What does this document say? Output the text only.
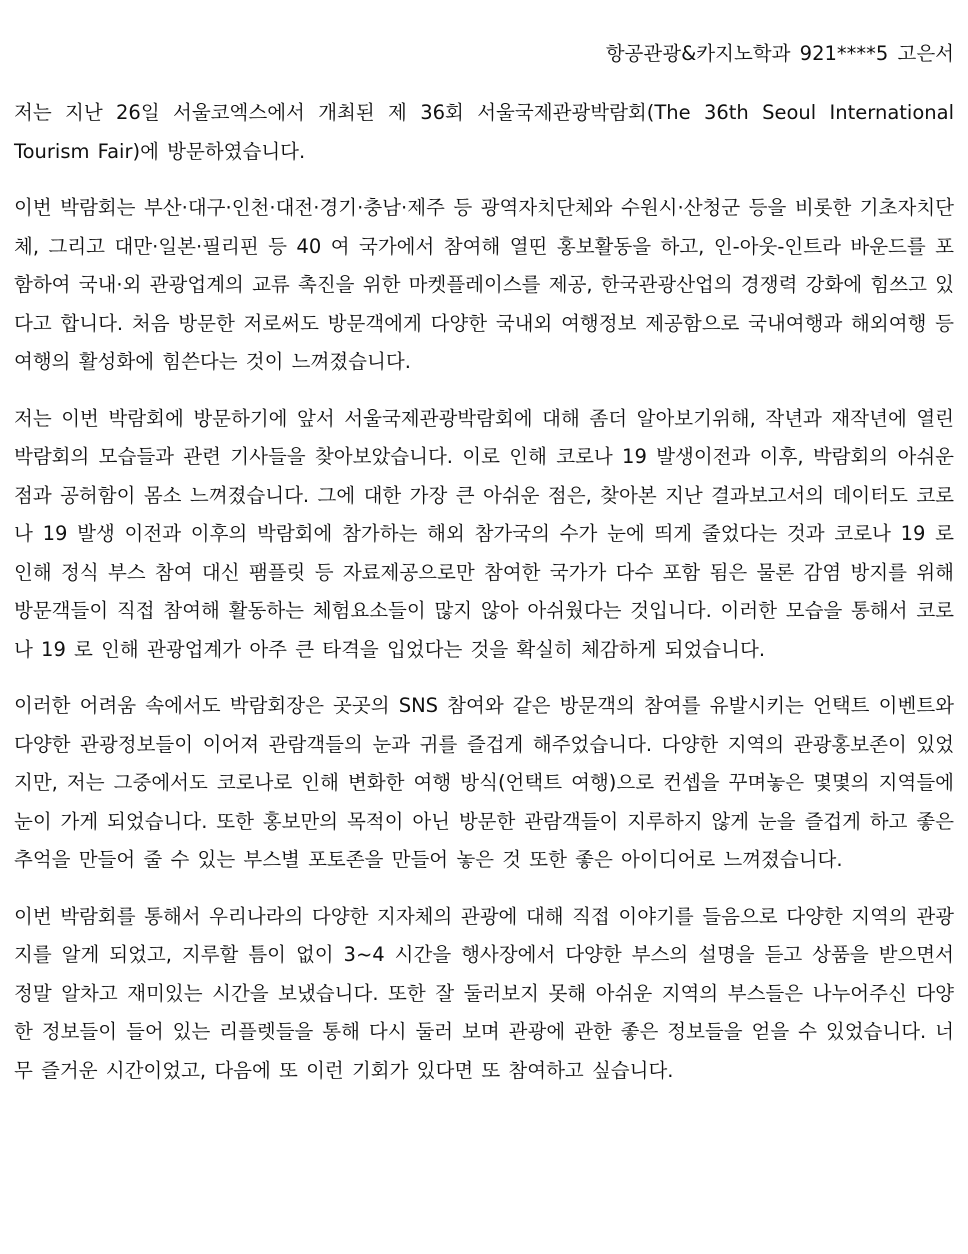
항공관광&카지노학과 921****5 고은서

저는 지난 26일 서울코엑스에서 개최된 제 36회 서울국제관광박람회(The 36th Seoul International Tourism Fair)에 방문하였습니다.

이번 박람회는 부산·대구·인천·대전·경기·충남·제주 등 광역자치단체와 수원시·산청군 등을 비롯한 기초자치단체, 그리고 대만·일본·필리핀 등 40 여 국가에서 참여해 열띤 홍보활동을 하고, 인-아웃-인트라 바운드를 포함하여 국내·외 관광업계의 교류 촉진을 위한 마켓플레이스를 제공, 한국관광산업의 경쟁력 강화에 힘쓰고 있다고 합니다. 처음 방문한 저로써도 방문객에게 다양한 국내외 여행정보 제공함으로 국내여행과 해외여행 등 여행의 활성화에 힘쓴다는 것이 느껴졌습니다.

저는 이번 박람회에 방문하기에 앞서 서울국제관광박람회에 대해 좀더 알아보기위해, 작년과 재작년에 열린 박람회의 모습들과 관련 기사들을 찾아보았습니다. 이로 인해 코로나 19 발생이전과 이후, 박람회의 아쉬운 점과 공허함이 몸소 느껴졌습니다. 그에 대한 가장 큰 아쉬운 점은, 찾아본 지난 결과보고서의 데이터도 코로나 19 발생 이전과 이후의 박람회에 참가하는 해외 참가국의 수가 눈에 띄게 줄었다는 것과 코로나 19 로 인해 정식 부스 참여 대신 팸플릿 등 자료제공으로만 참여한 국가가 다수 포함 됨은 물론 감염 방지를 위해 방문객들이 직접 참여해 활동하는 체험요소들이 많지 않아 아쉬웠다는 것입니다. 이러한 모습을 통해서 코로나 19 로 인해 관광업계가 아주 큰 타격을 입었다는 것을 확실히 체감하게 되었습니다.

이러한 어려움 속에서도 박람회장은 곳곳의 SNS 참여와 같은 방문객의 참여를 유발시키는 언택트 이벤트와 다양한 관광정보들이 이어져 관람객들의 눈과 귀를 즐겁게 해주었습니다. 다양한 지역의 관광홍보존이 있었지만, 저는 그중에서도 코로나로 인해 변화한 여행 방식(언택트 여행)으로 컨셉을 꾸며놓은 몇몇의 지역들에 눈이 가게 되었습니다. 또한 홍보만의 목적이 아닌 방문한 관람객들이 지루하지 않게 눈을 즐겁게 하고 좋은 추억을 만들어 줄 수 있는 부스별 포토존을 만들어 놓은 것 또한 좋은 아이디어로 느껴졌습니다.

이번 박람회를 통해서 우리나라의 다양한 지자체의 관광에 대해 직접 이야기를 들음으로 다양한 지역의 관광지를 알게 되었고, 지루할 틈이 없이 3~4 시간을 행사장에서 다양한 부스의 설명을 듣고 상품을 받으면서 정말 알차고 재미있는 시간을 보냈습니다. 또한 잘 둘러보지 못해 아쉬운 지역의 부스들은 나누어주신 다양한 정보들이 들어 있는 리플렛들을 통해 다시 둘러 보며 관광에 관한 좋은 정보들을 얻을 수 있었습니다. 너무 즐거운 시간이었고, 다음에 또 이런 기회가 있다면 또 참여하고 싶습니다.
